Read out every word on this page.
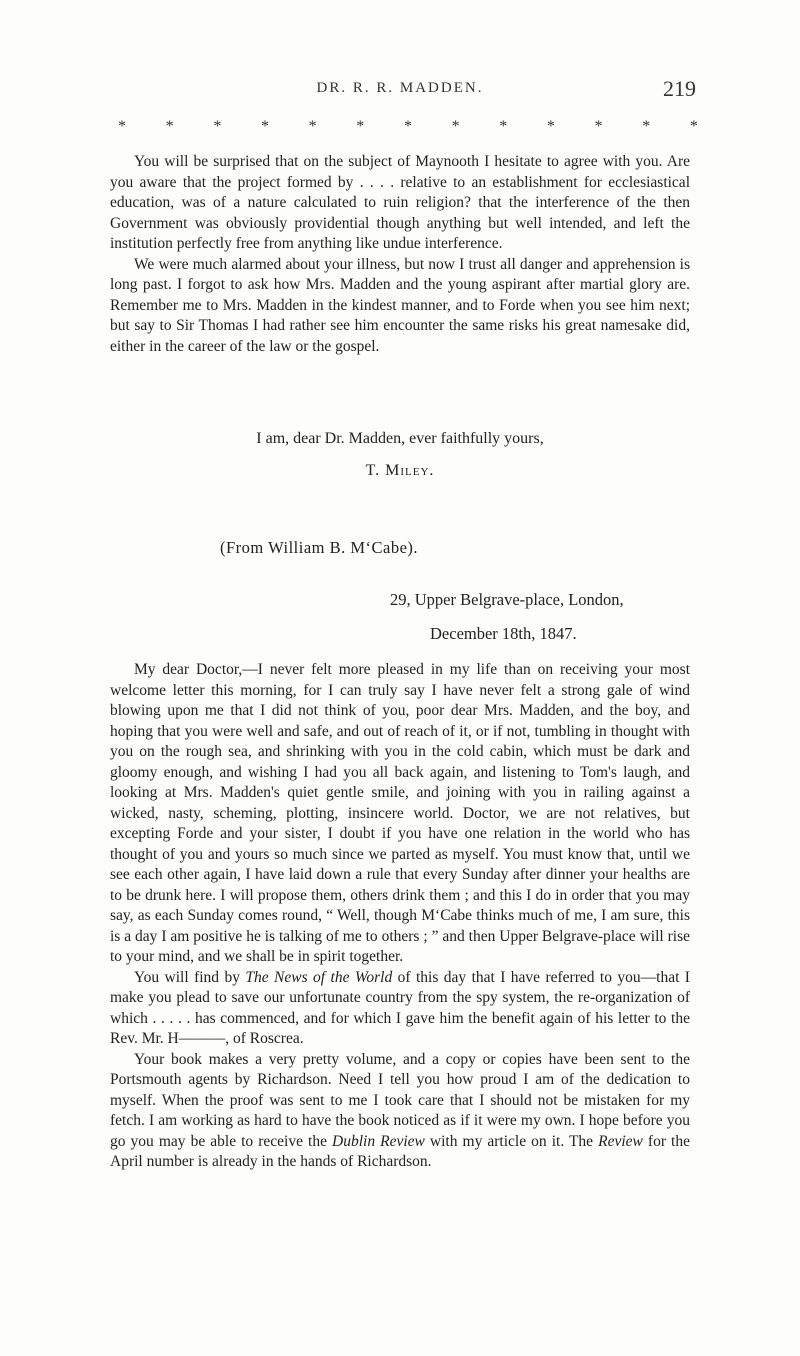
DR. R. R. MADDEN.	219
* * * * * * * * * * * * *

You will be surprised that on the subject of Maynooth I hesitate to agree with you. Are you aware that the project formed by . . . . relative to an establishment for ecclesiastical education, was of a nature calculated to ruin religion? that the interference of the then Government was obviously providential though anything but well intended, and left the institution perfectly free from anything like undue interference.

We were much alarmed about your illness, but now I trust all danger and apprehension is long past. I forgot to ask how Mrs. Madden and the young aspirant after martial glory are. Remember me to Mrs. Madden in the kindest manner, and to Forde when you see him next; but say to Sir Thomas I had rather see him encounter the same risks his great namesake did, either in the career of the law or the gospel.

I am, dear Dr. Madden, ever faithfully yours,
T. Miley.
(From William B. M‘Cabe).
29, Upper Belgrave-place, London,
December 18th, 1847.

My dear Doctor,—I never felt more pleased in my life than on receiving your most welcome letter this morning, for I can truly say I have never felt a strong gale of wind blowing upon me that I did not think of you, poor dear Mrs. Madden, and the boy, and hoping that you were well and safe, and out of reach of it, or if not, tumbling in thought with you on the rough sea, and shrinking with you in the cold cabin, which must be dark and gloomy enough, and wishing I had you all back again, and listening to Tom's laugh, and looking at Mrs. Madden's quiet gentle smile, and joining with you in railing against a wicked, nasty, scheming, plotting, insincere world. Doctor, we are not relatives, but excepting Forde and your sister, I doubt if you have one relation in the world who has thought of you and yours so much since we parted as myself. You must know that, until we see each other again, I have laid down a rule that every Sunday after dinner your healths are to be drunk here. I will propose them, others drink them ; and this I do in order that you may say, as each Sunday comes round, “ Well, though M‘Cabe thinks much of me, I am sure, this is a day I am positive he is talking of me to others ; ” and then Upper Belgrave-place will rise to your mind, and we shall be in spirit together.

You will find by The News of the World of this day that I have referred to you—that I make you plead to save our unfortunate country from the spy system, the re-organization of which . . . . . has commenced, and for which I gave him the benefit again of his letter to the Rev. Mr. H———, of Roscrea.

Your book makes a very pretty volume, and a copy or copies have been sent to the Portsmouth agents by Richardson. Need I tell you how proud I am of the dedication to myself. When the proof was sent to me I took care that I should not be mistaken for my fetch. I am working as hard to have the book noticed as if it were my own. I hope before you go you may be able to receive the Dublin Review with my article on it. The Review for the April number is already in the hands of Richardson.
